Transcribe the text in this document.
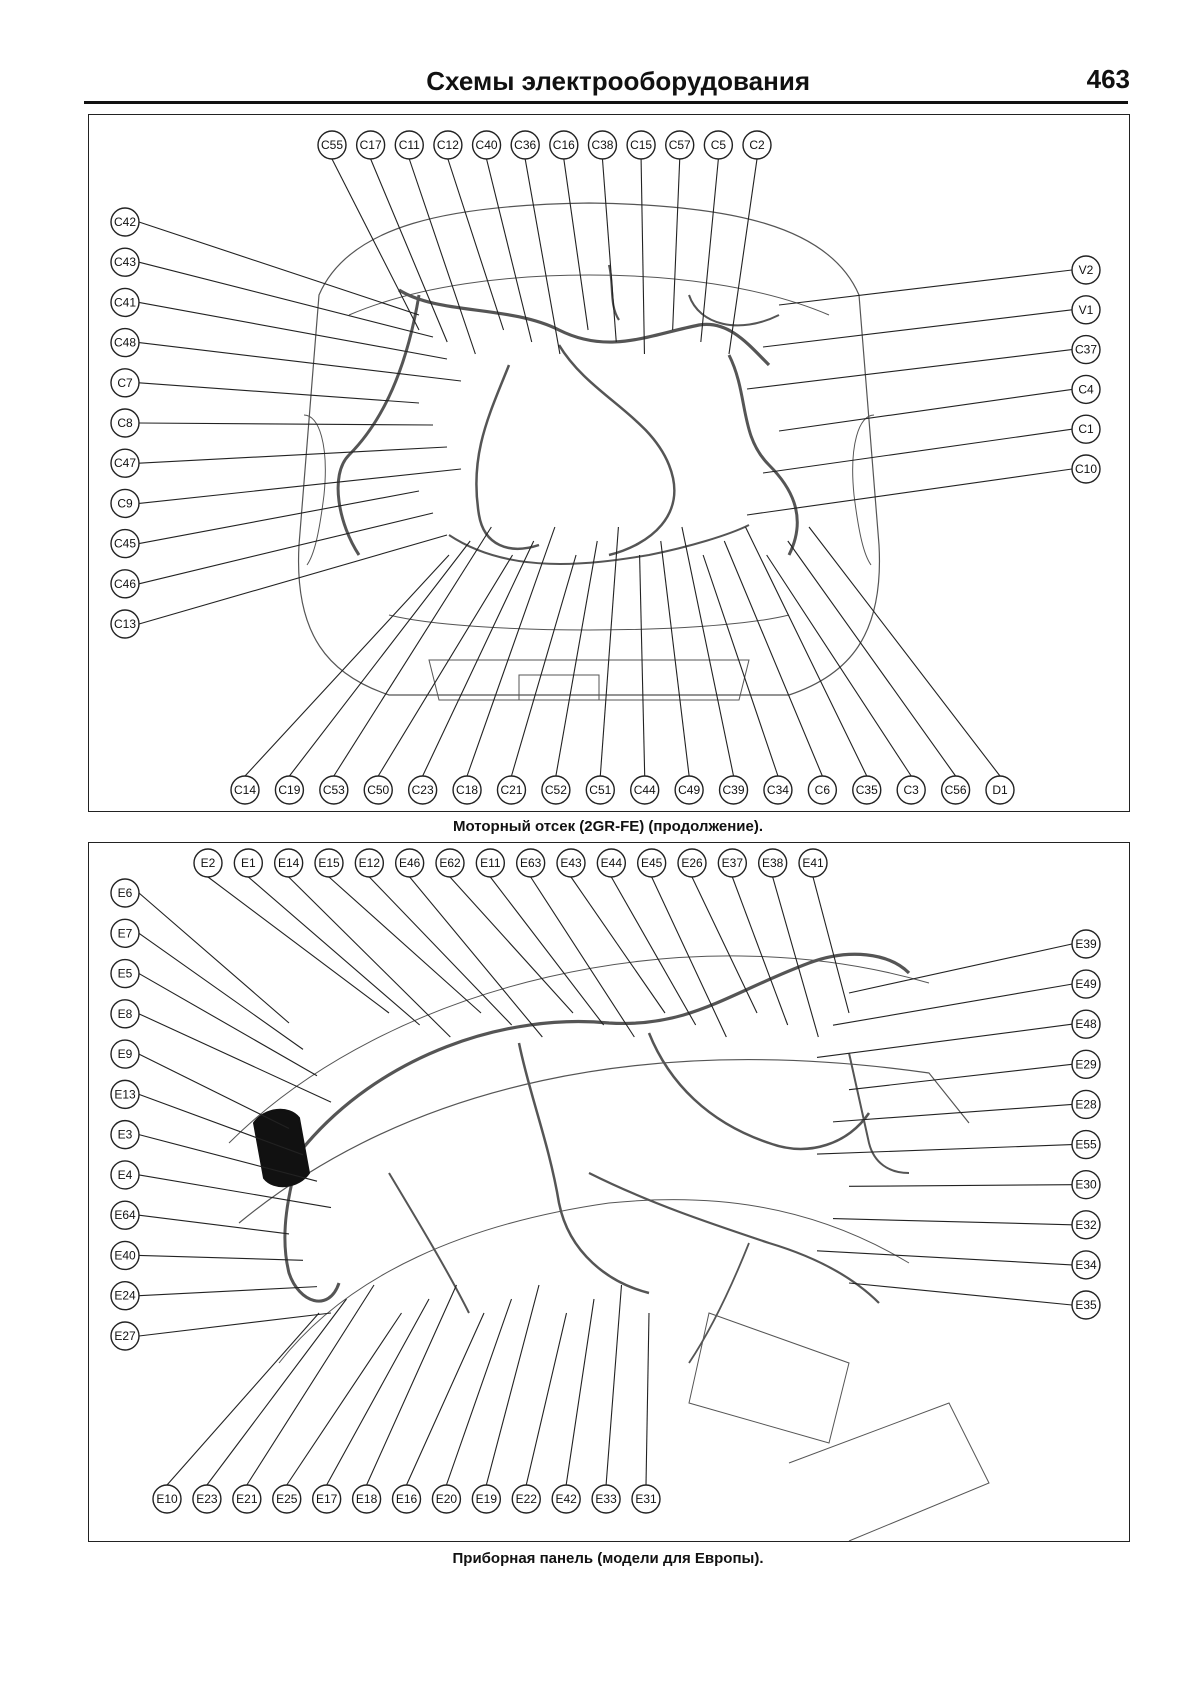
Схемы электрооборудования	463
C55 C17 C11 C12 C40 C36 C16 C38 C15 C57 C5 C2
C42
C43
C41
C48
C7
C8
C47
C9
C45
C46
C13
V2
V1
C37
C4
C1
C10
C14 C19 C53 C50 C23 C18 C21 C52 C51 C44 C49 C39 C34 C6 C35 C3 C56 D1
Моторный отсек (2GR-FE) (продолжение).
E2 E1 E14 E15 E12 E46 E62 E11 E63 E43 E44 E45 E26 E37 E38 E41
E6
E7
E5
E8
E9
E13
E3
E4
E64
E40
E24
E27
E39
E49
E48
E29
E28
E55
E30
E32
E34
E35
E10 E23 E21 E25 E17 E18 E16 E20 E19 E22 E42 E33 E31
Приборная панель (модели для Европы).
